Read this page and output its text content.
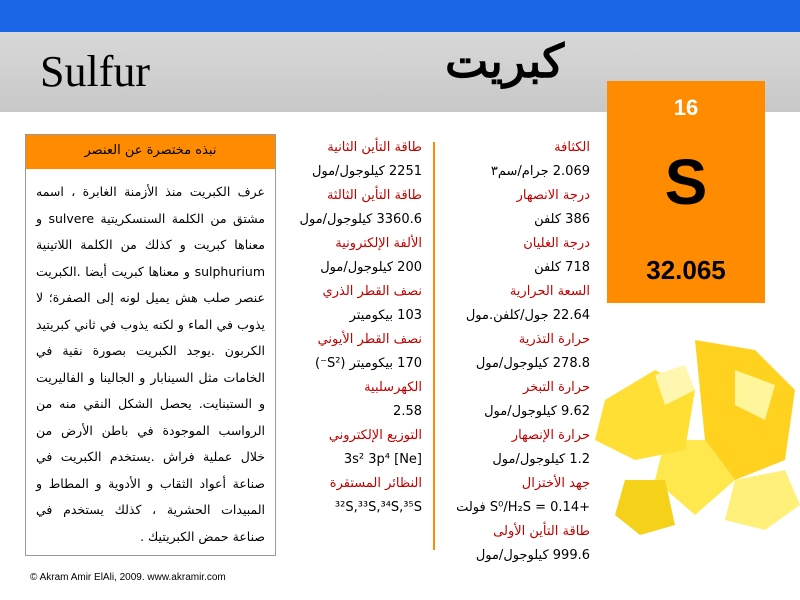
Sulfur	كبريت
16
S
32.065
نبذه مختصرة عن العنصر
عرف الكبريت منذ الأزمنة الغابرة ، اسمه مشتق من الكلمة السنسكريتية sulvere و معناها كبريت و كذلك من الكلمة اللاتينية sulphurium و معناها كبريت أيضا .الكبريت عنصر صلب هش يميل لونه إلى الصفرة؛ لا يذوب في الماء و لكنه يذوب في ثاني كبريتيد الكربون .يوجد الكبريت بصورة نقية في الخامات مثل السينابار و الجالينا و الفاليريت و الستبنايت. يحصل الشكل النقي منه من الرواسب الموجودة في باطن الأرض من خلال عملية فراش .يستخدم الكبريت في صناعة أعواد الثقاب و الأدوية و المطاط و المبيدات الحشرية ، كذلك يستخدم في صناعة حمض الكبريتيك .
الكثافة
2.069 جرام/سم٣
درجة الانصهار
386 كلفن
درجة الغليان
718 كلفن
السعة الحرارية
22.64 جول/كلفن.مول
حرارة التذرية
278.8 كيلوجول/مول
حرارة التبخر
9.62 كيلوجول/مول
حرارة الإنصهار
1.2 كيلوجول/مول
جهد الأختزال
+0.14 = S⁰/H₂S فولت
طاقة التأين الأولى
999.6 كيلوجول/مول
طاقة التأين الثانية
2251 كيلوجول/مول
طاقة التأين الثالثة
3360.6 كيلوجول/مول
الألفة الإلكترونية
200 كيلوجول/مول
نصف القطر الذري
103 بيكوميتر
نصف القطر الأيوني
170 بيكوميتر (S²⁻)
الكهرسلبية
2.58
التوزيع الإلكتروني
[Ne] 3s² 3p⁴
النظائر المستقرة
³²S,³³S,³⁴S,³⁵S
© Akram Amir ElAli, 2009. www.akramir.com
